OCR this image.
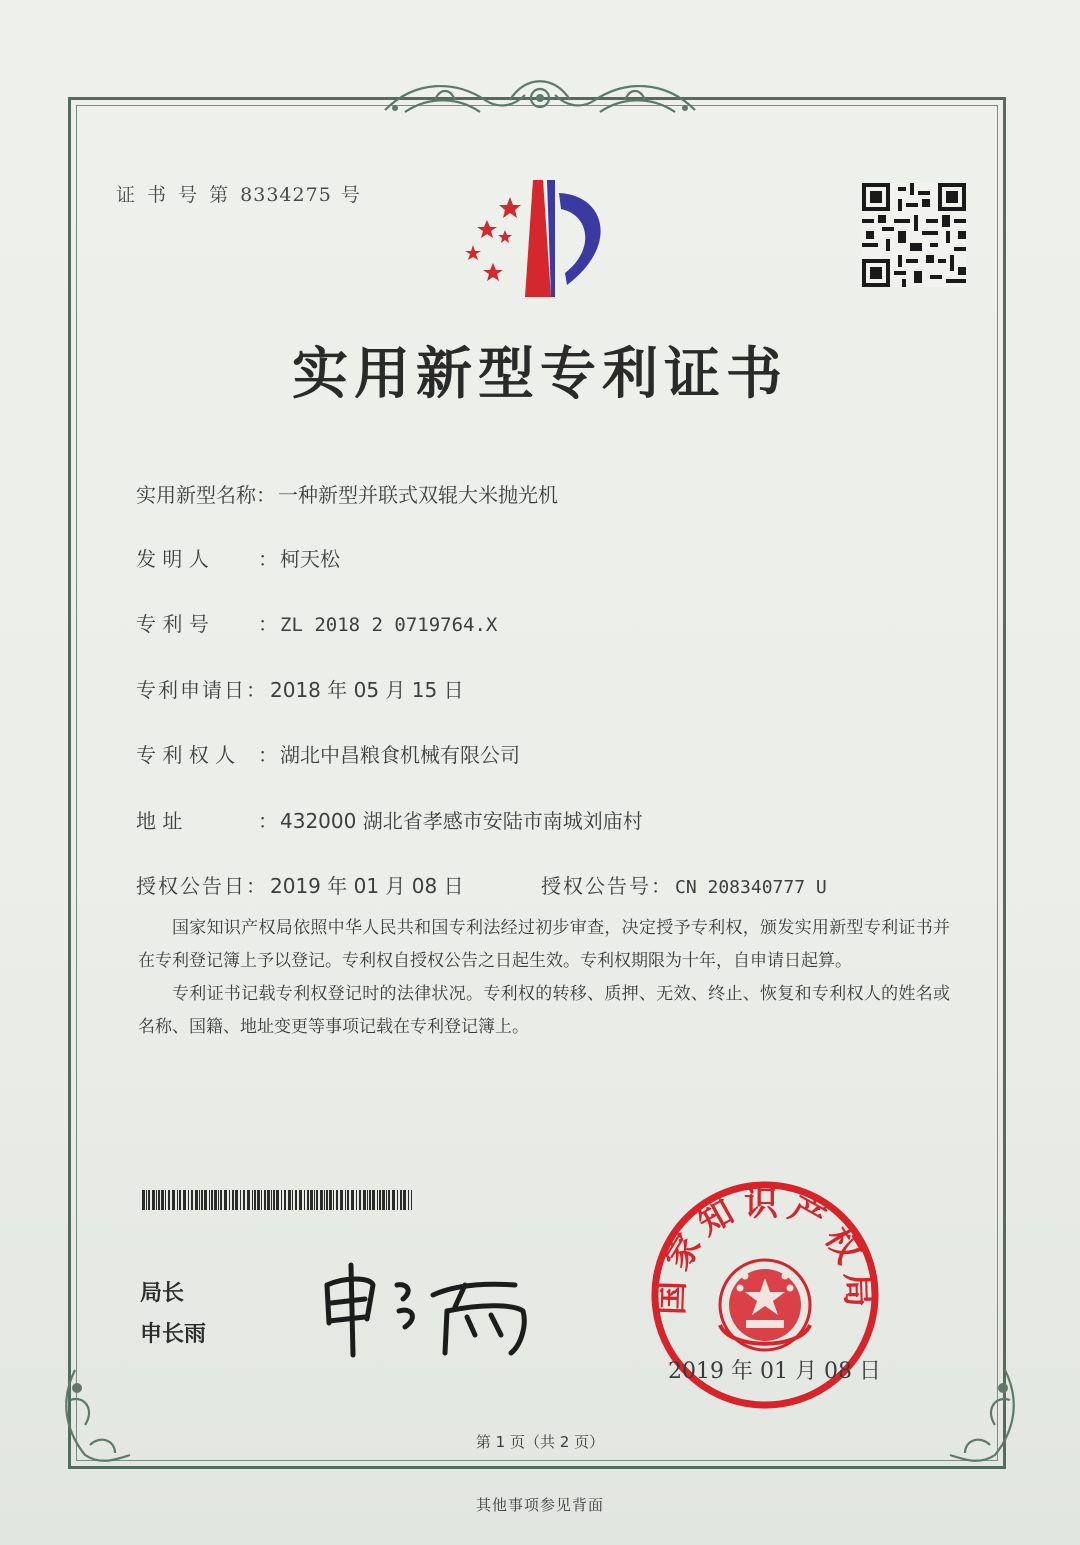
证 书 号 第 8334275 号
实用新型专利证书
实用新型名称： 一种新型并联式双辊大米抛光机
发 明 人 ： 柯天松
专 利 号 ： ZL 2018 2 0719764.X
专利申请日： 2018 年 05 月 15 日
专 利 权 人 ： 湖北中昌粮食机械有限公司
地 址	： 432000 湖北省孝感市安陆市南城刘庙村
授权公告日： 2019 年 01 月 08 日	授权公告号： CN 208340777 U

国家知识产权局依照中华人民共和国专利法经过初步审查，决定授予专利权，颁发实用新型专利证书并在专利登记簿上予以登记。专利权自授权公告之日起生效。专利权期限为十年，自申请日起算。

专利证书记载专利权登记时的法律状况。专利权的转移、质押、无效、终止、恢复和专利权人的姓名或名称、国籍、地址变更等事项记载在专利登记簿上。

局长
申长雨
国家知识产权局
2019 年 01 月 08 日
第 1 页（共 2 页）
其他事项参见背面
